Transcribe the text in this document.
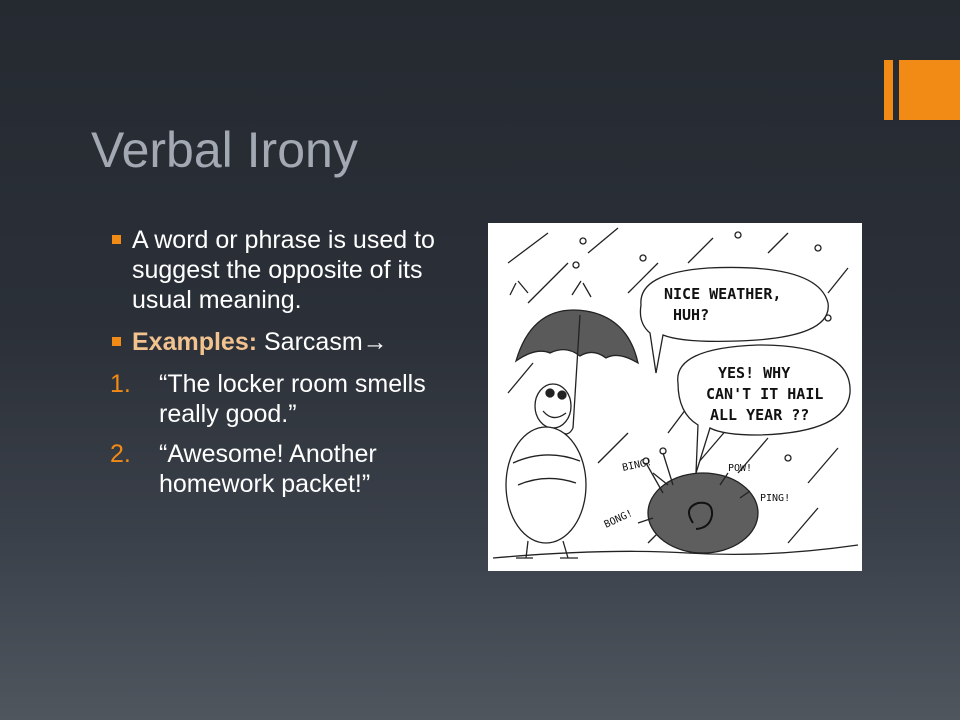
Verbal Irony
A word or phrase is used to suggest the opposite of its usual meaning.
Examples: Sarcasm→
1. “The locker room smells really good.”
2. “Awesome! Another homework packet!”
NICE WEATHER,
HUH?
YES! WHY
CAN'T IT HAIL
ALL YEAR ??
BING!	POW!
PING!
BONG!
